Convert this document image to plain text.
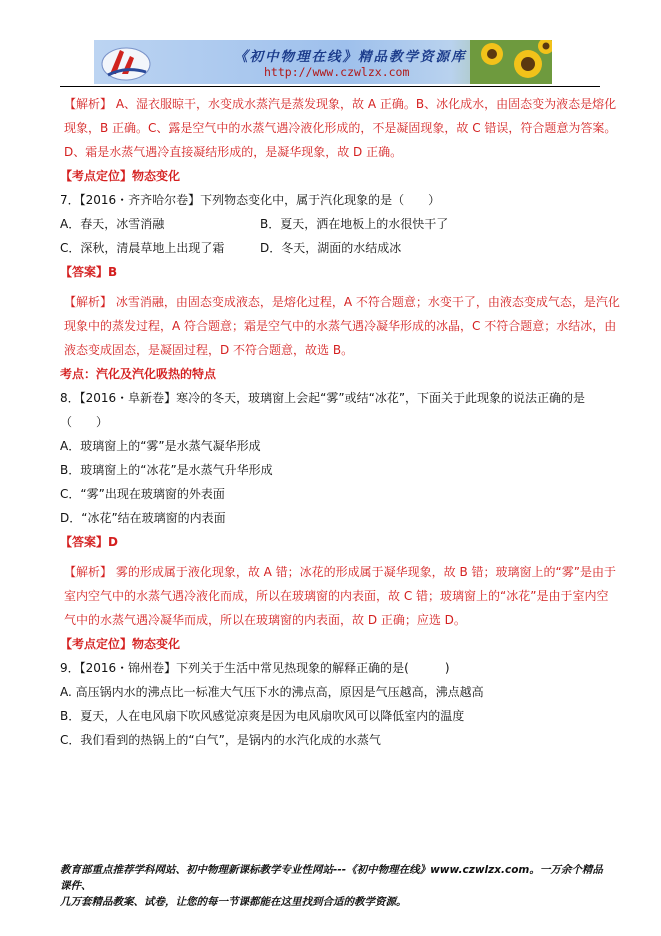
《初中物理在线》精品教学资源库
http://www.czwlzx.com

【解析】 A、湿衣服晾干，水变成水蒸汽是蒸发现象，故 A 正确。B、冰化成水，由固态变为液态是熔化现象，B 正确。C、露是空气中的水蒸气遇冷液化形成的，不是凝固现象，故 C 错误，符合题意为答案。D、霜是水蒸气遇冷直接凝结形成的，是凝华现象，故 D 正确。

【考点定位】物态变化

7．【2016・齐齐哈尔卷】下列物态变化中，属于汽化现象的是（　　）

A．春天，冰雪消融	B．夏天，洒在地板上的水很快干了
C．深秋，清晨草地上出现了霜	D．冬天，湖面的水结成冰

【答案】B

【解析】 冰雪消融，由固态变成液态，是熔化过程，A 不符合题意；水变干了，由液态变成气态，是汽化现象中的蒸发过程，A 符合题意；霜是空气中的水蒸气遇冷凝华形成的冰晶，C 不符合题意；水结冰，由液态变成固态，是凝固过程，D 不符合题意，故选 B。

考点：汽化及汽化吸热的特点

8．【2016・阜新卷】寒冷的冬天，玻璃窗上会起“雾”或结“冰花”，下面关于此现象的说法正确的是

（　　）

A．玻璃窗上的“雾”是水蒸气凝华形成

B．玻璃窗上的“冰花”是水蒸气升华形成

C．“雾”出现在玻璃窗的外表面

D．“冰花”结在玻璃窗的内表面

【答案】D

【解析】 雾的形成属于液化现象，故 A 错；冰花的形成属于凝华现象，故 B 错；玻璃窗上的“雾”是由于室内空气中的水蒸气遇冷液化而成，所以在玻璃窗的内表面，故 C 错；玻璃窗上的“冰花”是由于室内空气中的水蒸气遇冷凝华而成，所以在玻璃窗的内表面，故 D 正确；应选 D。

【考点定位】物态变化

9．【2016・锦州卷】下列关于生活中常见热现象的解释正确的是(　　　)

A. 高压锅内水的沸点比一标准大气压下水的沸点高，原因是气压越高，沸点越高

B．夏天，人在电风扇下吹风感觉凉爽是因为电风扇吹风可以降低室内的温度

C．我们看到的热锅上的“白气”，是锅内的水汽化成的水蒸气

教育部重点推荐学科网站、初中物理新课标教学专业性网站---《初中物理在线》www.czwlzx.com。一万余个精品课件、
几万套精品教案、试卷，让您的每一节课都能在这里找到合适的教学资源。
